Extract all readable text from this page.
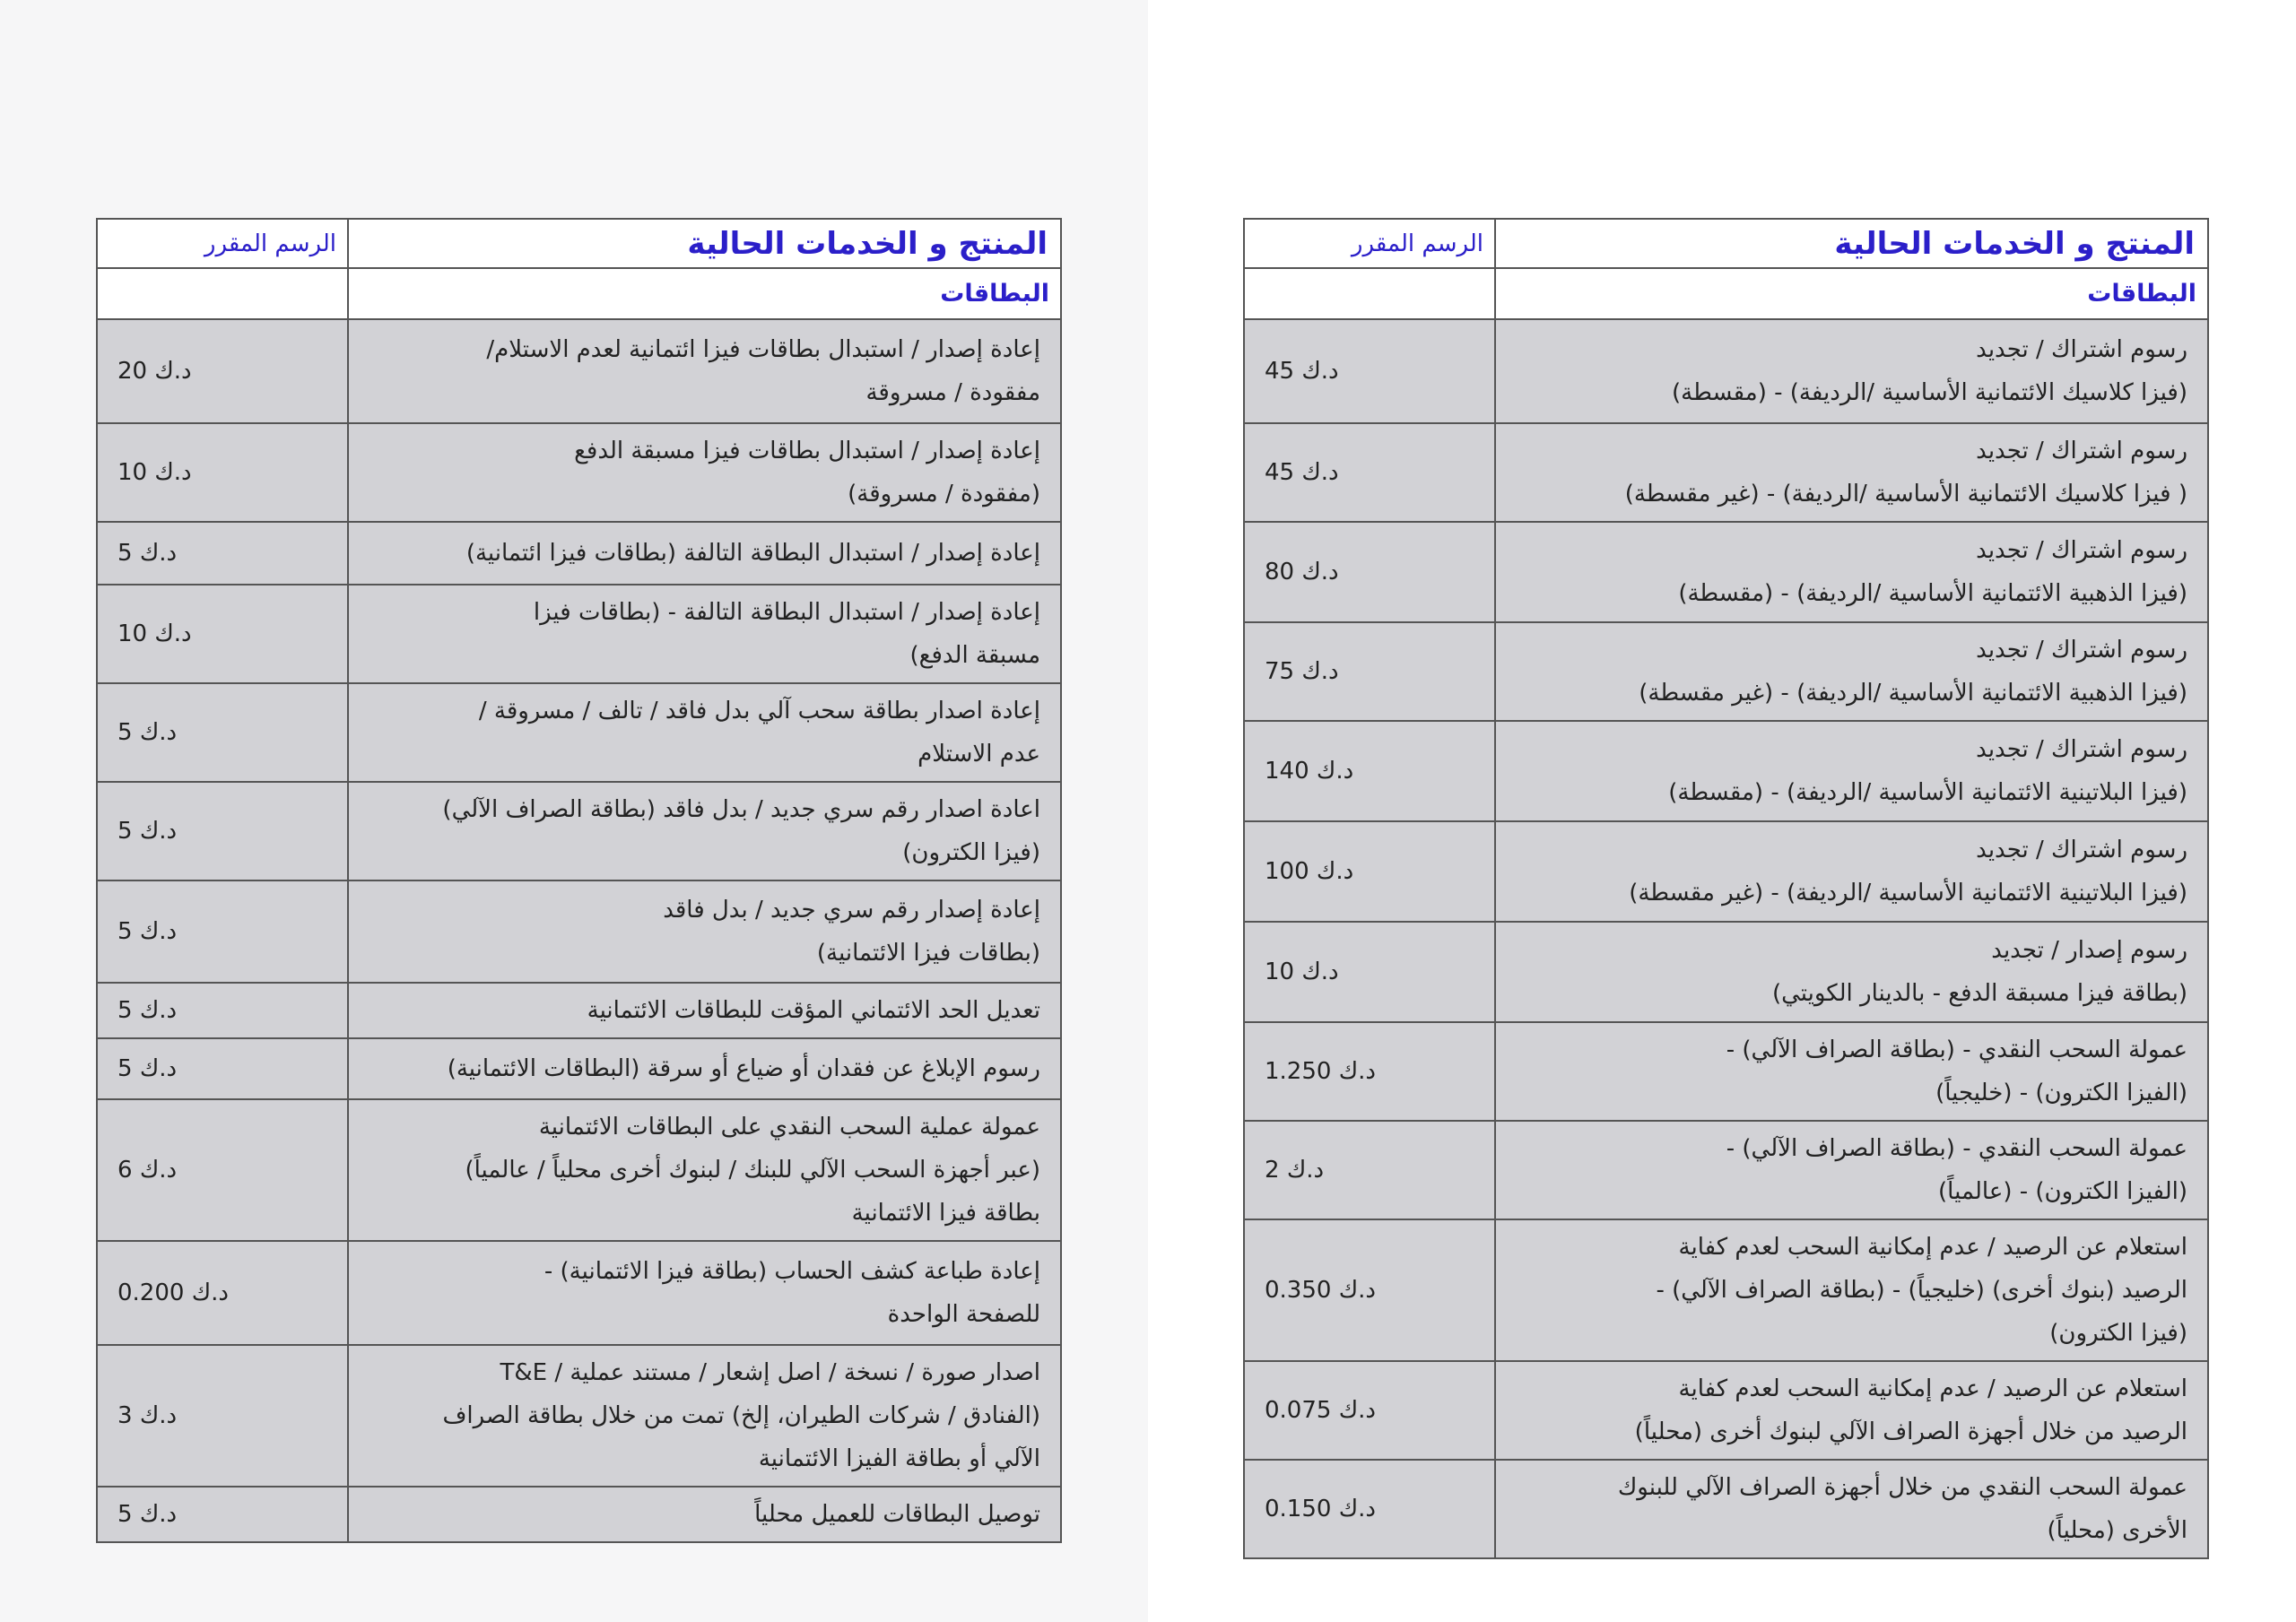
المنتج و الخدمات الحالية	الرسم المقرر
البطاقات	
إعادة إصدار / استبدال بطاقات فيزا ائتمانية لعدم الاستلام/
مفقودة / مسروقة	20 د.ك
إعادة إصدار / استبدال بطاقات فيزا مسبقة الدفع
(مفقودة / مسروقة)	10 د.ك
إعادة إصدار / استبدال البطاقة التالفة (بطاقات فيزا ائتمانية)	5 د.ك
إعادة إصدار / استبدال البطاقة التالفة - (بطاقات فيزا
مسبقة الدفع)	10 د.ك
إعادة اصدار بطاقة سحب آلي بدل فاقد / تالف / مسروقة /
عدم الاستلام	5 د.ك
اعادة اصدار رقم سري جديد / بدل فاقد (بطاقة الصراف الآلي)
(فيزا الكترون)	5 د.ك
إعادة إصدار رقم سري جديد / بدل فاقد
(بطاقات فيزا الائتمانية)	5 د.ك
تعديل الحد الائتماني المؤقت للبطاقات الائتمانية	5 د.ك
رسوم الإبلاغ عن فقدان أو ضياع أو سرقة (البطاقات الائتمانية)	5 د.ك
عمولة عملية السحب النقدي على البطاقات الائتمانية
(عبر أجهزة السحب الآلي للبنك / لبنوك أخرى محلياً / عالمياً)
بطاقة فيزا الائتمانية	6 د.ك
إعادة طباعة كشف الحساب (بطاقة فيزا الائتمانية) -
للصفحة الواحدة	0.200 د.ك
اصدار صورة / نسخة / اصل إشعار / مستند عملية / T&E
(الفنادق / شركات الطيران، إلخ) تمت من خلال بطاقة الصراف
الآلي أو بطاقة الفيزا الائتمانية	3 د.ك
توصيل البطاقات للعميل محلياً	5 د.ك
المنتج و الخدمات الحالية	الرسم المقرر
البطاقات	
رسوم اشتراك / تجديد
(فيزا كلاسيك الائتمانية الأساسية /الرديفة) - (مقسطة)	45 د.ك
رسوم اشتراك / تجديد
( فيزا كلاسيك الائتمانية الأساسية /الرديفة) - (غير مقسطة)	45 د.ك
رسوم اشتراك / تجديد
(فيزا الذهبية الائتمانية الأساسية /الرديفة) - (مقسطة)	80 د.ك
رسوم اشتراك / تجديد
(فيزا الذهبية الائتمانية الأساسية /الرديفة) - (غير مقسطة)	75 د.ك
رسوم اشتراك / تجديد
(فيزا البلاتينية الائتمانية الأساسية /الرديفة) - (مقسطة)	140 د.ك
رسوم اشتراك / تجديد
(فيزا البلاتينية الائتمانية الأساسية /الرديفة) - (غير مقسطة)	100 د.ك
رسوم إصدار / تجديد
(بطاقة فيزا مسبقة الدفع - بالدينار الكويتي)	10 د.ك
عمولة السحب النقدي - (بطاقة الصراف الآلي) -
(الفيزا الكترون) - (خليجياً)	1.250 د.ك
عمولة السحب النقدي - (بطاقة الصراف الآلي) -
(الفيزا الكترون) - (عالمياً)	2 د.ك
استعلام عن الرصيد / عدم إمكانية السحب لعدم كفاية
الرصيد (بنوك أخرى) (خليجياً) - (بطاقة الصراف الآلي) -
(فيزا الكترون)	0.350 د.ك
استعلام عن الرصيد / عدم إمكانية السحب لعدم كفاية
الرصيد من خلال أجهزة الصراف الآلي لبنوك أخرى (محلياً)	0.075 د.ك
عمولة السحب النقدي من خلال أجهزة الصراف الآلي للبنوك
الأخرى (محلياً)	0.150 د.ك
